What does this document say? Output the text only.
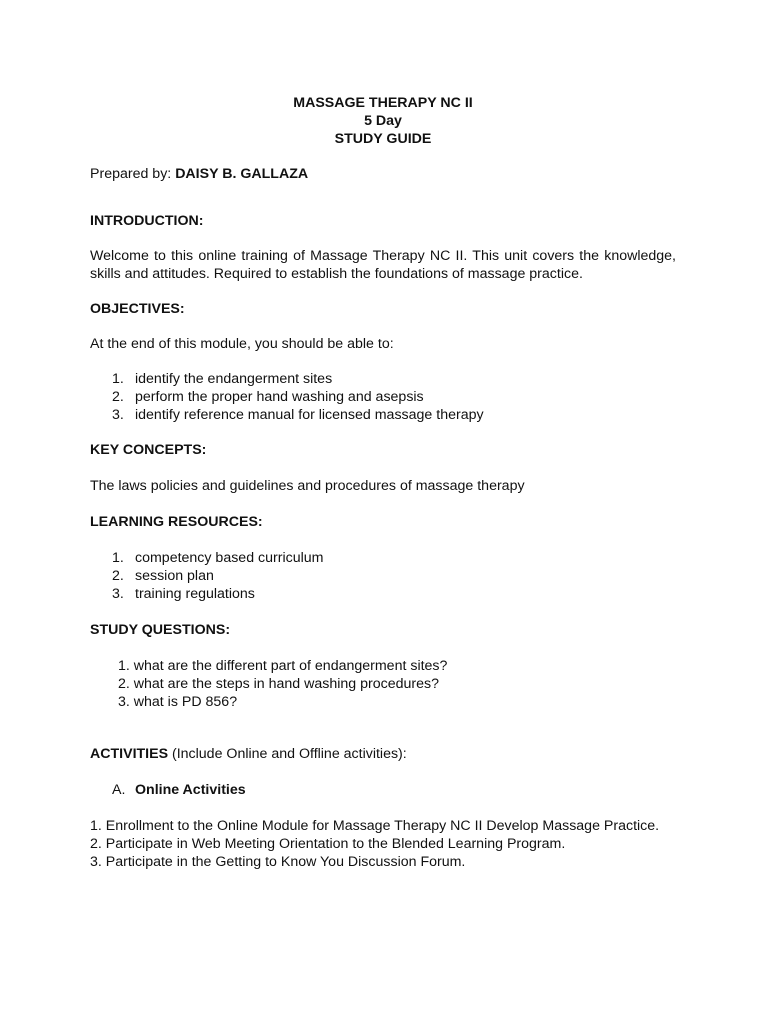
MASSAGE THERAPY NC II
5 Day
STUDY GUIDE
Prepared by: DAISY B. GALLAZA
INTRODUCTION:
Welcome to this online training of Massage Therapy NC II. This unit covers the knowledge, skills and attitudes. Required to establish the foundations of massage practice.
OBJECTIVES:
At the end of this module, you should be able to:
1. identify the endangerment sites
2. perform the proper hand washing and asepsis
3. identify reference manual for licensed massage therapy
KEY CONCEPTS:
The laws policies and guidelines and procedures of massage therapy
LEARNING RESOURCES:
1. competency based curriculum
2. session plan
3. training regulations
STUDY QUESTIONS:
1. what are the different part of endangerment sites?
2. what are the steps in hand washing procedures?
3. what is PD 856?
ACTIVITIES (Include Online and Offline activities):
A. Online Activities
1. Enrollment to the Online Module for Massage Therapy NC II Develop Massage Practice.
2. Participate in Web Meeting Orientation to the Blended Learning Program.
3. Participate in the Getting to Know You Discussion Forum.
